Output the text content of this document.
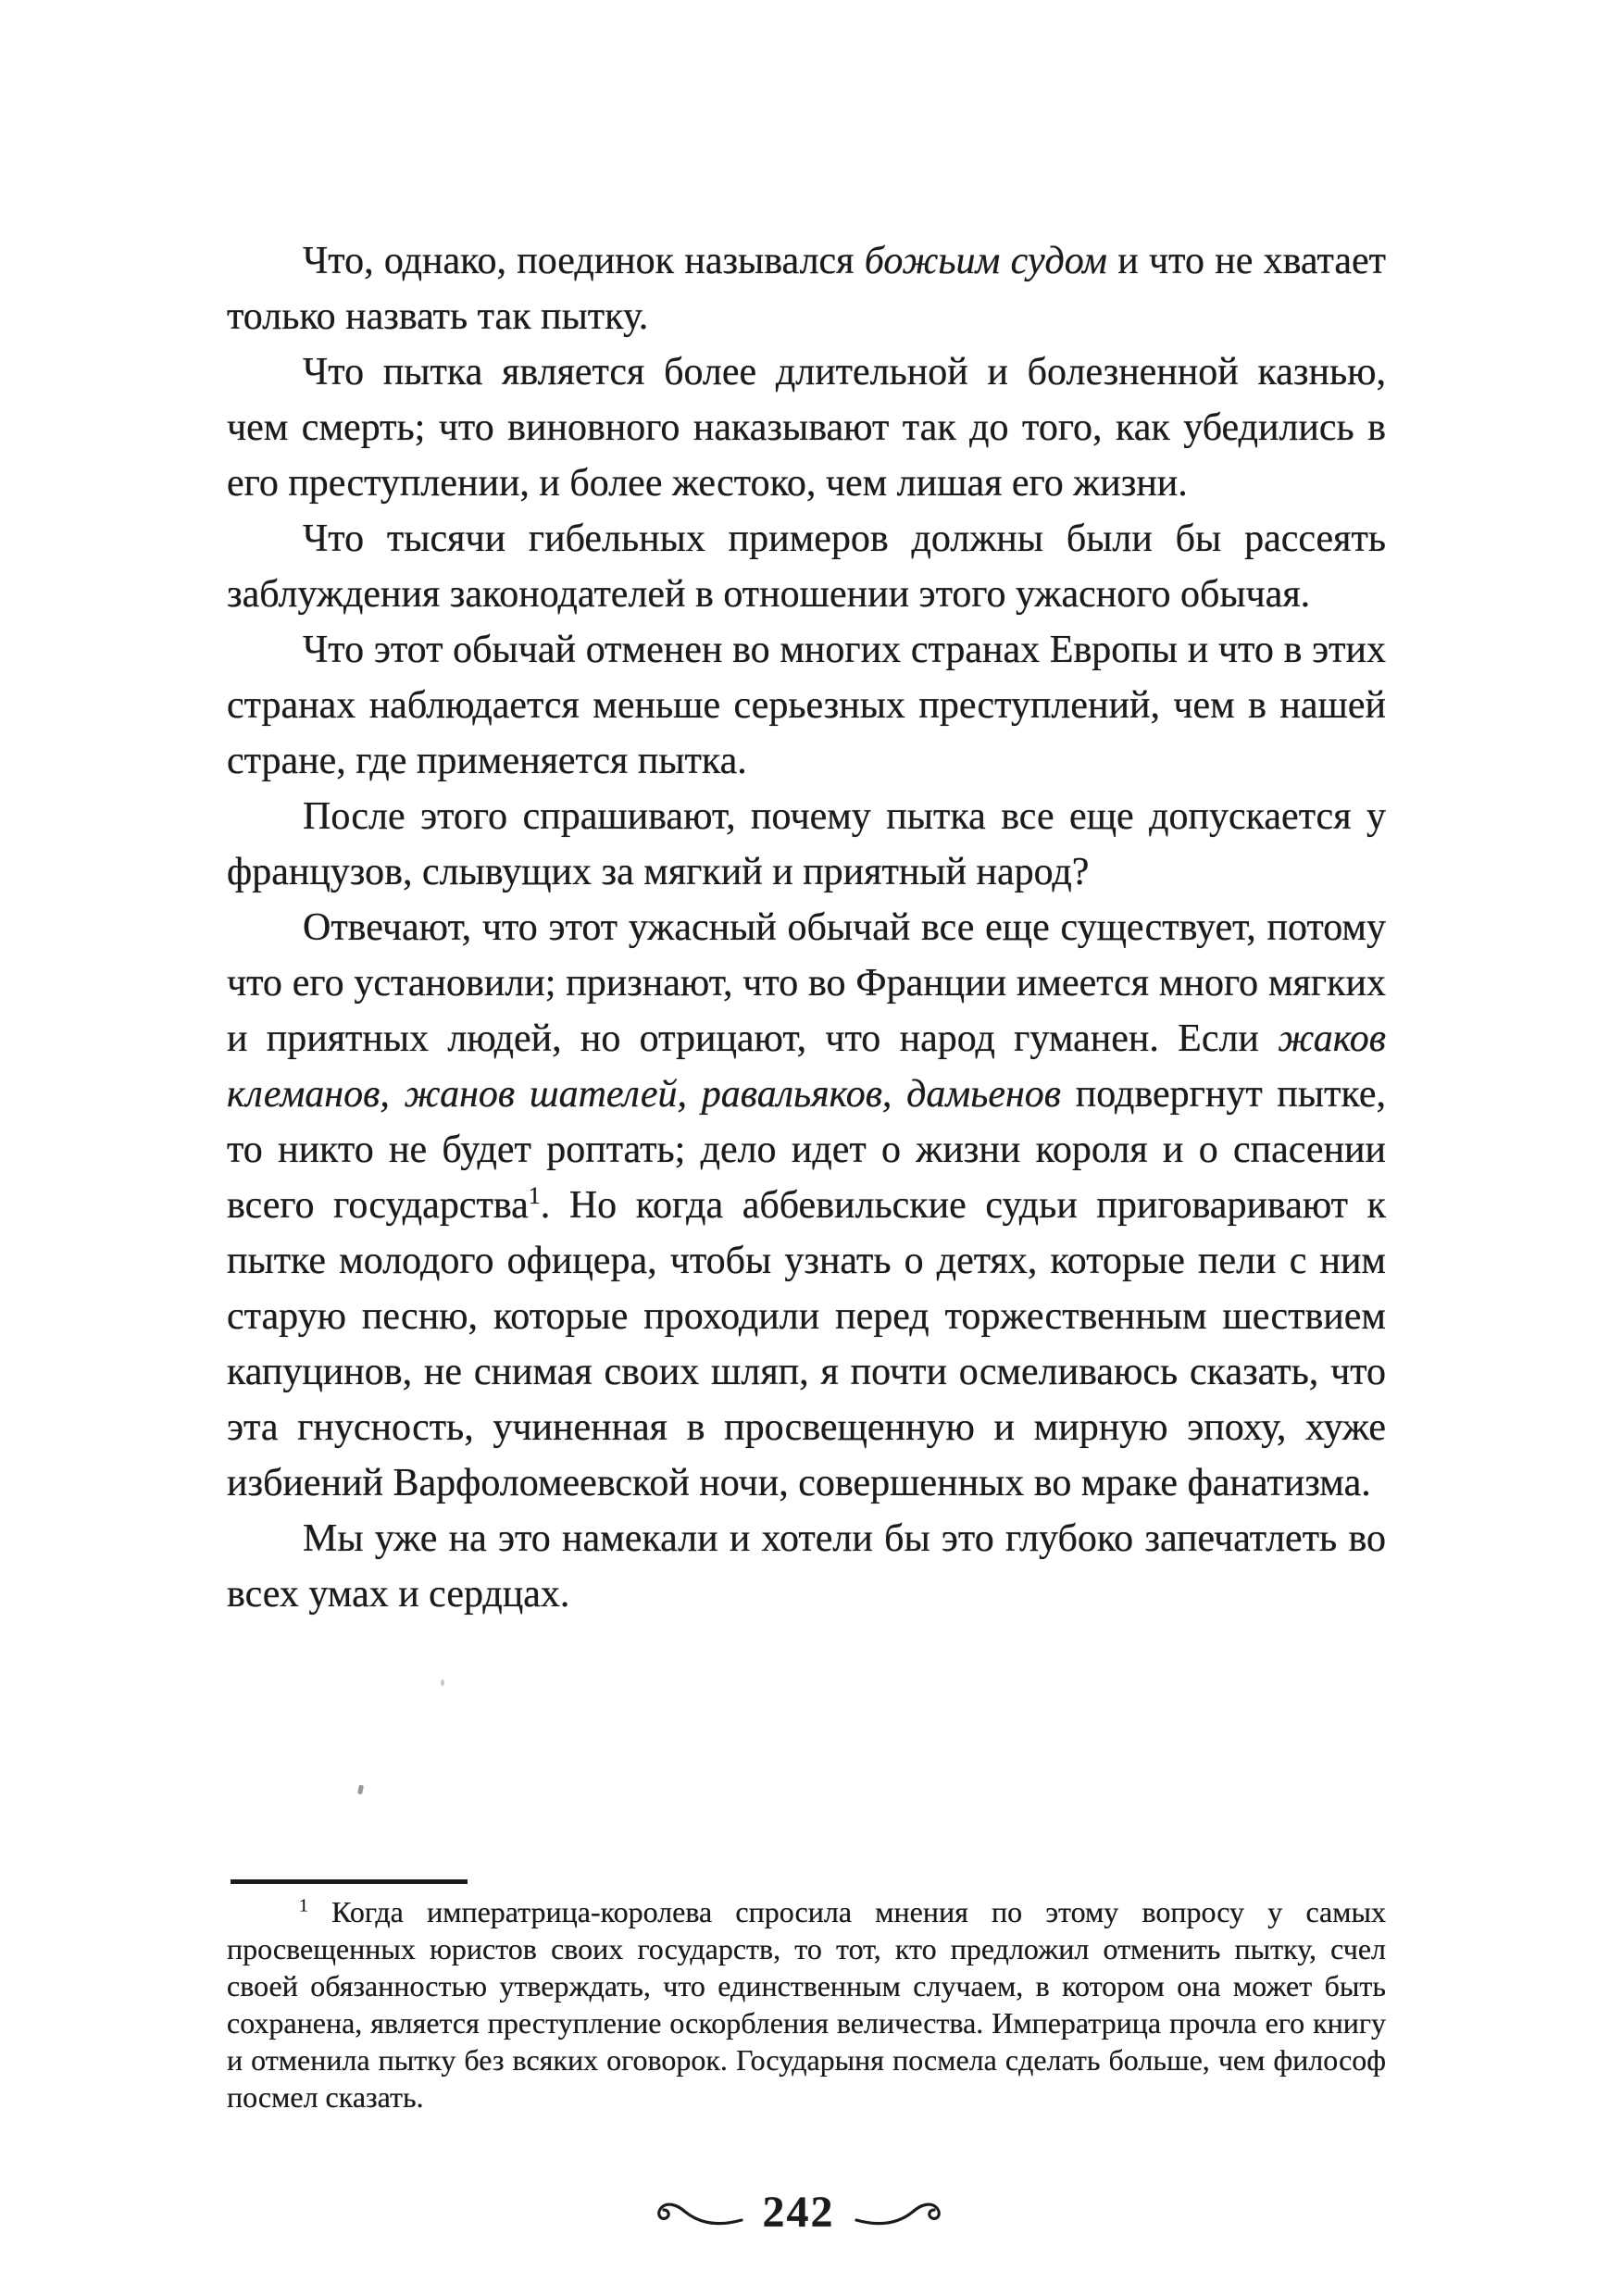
Что, однако, поединок назывался божьим судом и что не хватает только назвать так пытку.

Что пытка является более длительной и болезненной казнью, чем смерть; что виновного наказывают так до того, как убедились в его преступлении, и более жестоко, чем лишая его жизни.

Что тысячи гибельных примеров должны были бы рассеять заблуждения законодателей в отношении этого ужасного обычая.

Что этот обычай отменен во многих странах Европы и что в этих странах наблюдается меньше серьезных преступлений, чем в нашей стране, где применяется пытка.

После этого спрашивают, почему пытка все еще допускается у французов, слывущих за мягкий и приятный народ?

Отвечают, что этот ужасный обычай все еще существует, потому что его установили; признают, что во Франции имеется много мягких и приятных людей, но отрицают, что народ гуманен. Если жаков клеманов, жанов шателей, равальяков, дамьенов подвергнут пытке, то никто не будет роптать; дело идет о жизни короля и о спасении всего государства$^1$. Но когда аббевильские судьи приговаривают к пытке молодого офицера, чтобы узнать о детях, которые пели с ним старую песню, которые проходили перед торжественным шествием капуцинов, не снимая своих шляп, я почти осмеливаюсь сказать, что эта гнусность, учиненная в просвещенную и мирную эпоху, хуже избиений Варфоломеевской ночи, совершенных во мраке фанатизма.

Мы уже на это намекали и хотели бы это глубоко запечатлеть во всех умах и сердцах.

$^1$ Когда императрица-королева спросила мнения по этому вопросу у самых просвещенных юристов своих государств, то тот, кто предложил отменить пытку, счел своей обязанностью утверждать, что единственным случаем, в котором она может быть сохранена, является преступление оскорбления величества. Императрица прочла его книгу и отменила пытку без всяких оговорок. Государыня посмела сделать больше, чем философ посмел сказать.

242
